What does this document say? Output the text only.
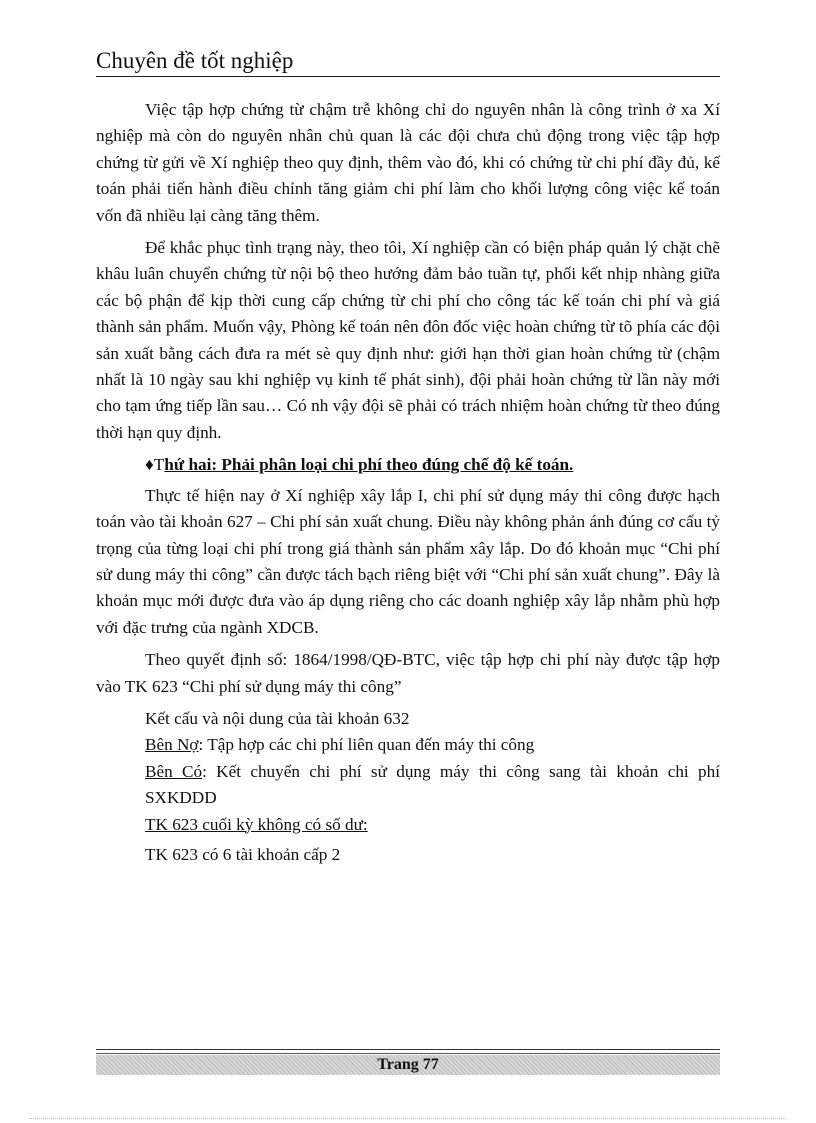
Chuyên đề tốt nghiệp

Việc tập hợp chứng từ chậm trễ không chỉ do nguyên nhân là công trình ở xa Xí nghiệp mà còn do nguyên nhân chủ quan là các đội chưa chủ động trong việc tập hợp chứng từ gửi về Xí nghiệp theo quy định, thêm vào đó, khi có chứng từ chi phí đầy đủ, kế toán phải tiến hành điều chỉnh tăng giảm chi phí làm cho khối lượng công việc kế toán vốn đã nhiều lại càng tăng thêm.

Để khắc phục tình trạng này, theo tôi, Xí nghiệp cần có biện pháp quản lý chặt chẽ khâu luân chuyển chứng từ nội bộ theo hướng đảm bảo tuần tự, phối kết nhịp nhàng giữa các bộ phận để kịp thời cung cấp chứng từ chi phí cho công tác kế toán chi phí và giá thành sản phẩm. Muốn vậy, Phòng kế toán nên đôn đốc việc hoàn chứng từ tõ phía các đội sản xuất bằng cách đưa ra mét sè quy định như: giới hạn thời gian hoàn chứng từ (chậm nhất là 10 ngày sau khi nghiệp vụ kinh tế phát sinh), đội phải hoàn chứng từ lần này mới cho tạm ứng tiếp lần sau… Có nh vậy đội sẽ phải có trách nhiệm hoàn chứng từ theo đúng thời hạn quy định.

♦Thứ hai: Phải phân loại chi phí theo đúng chế độ kế toán.

Thực tế hiện nay ở Xí nghiệp xây lắp I, chi phí sử dụng máy thi công được hạch toán vào tài khoản 627 – Chi phí sản xuất chung. Điều này không phản ánh đúng cơ cấu tỷ trọng của từng loại chi phí trong giá thành sản phẩm xây lắp. Do đó khoản mục “Chi phí sử dung máy thi công” cần được tách bạch riêng biệt với “Chi phí sản xuất chung”. Đây là khoản mục mới được đưa vào áp dụng riêng cho các doanh nghiệp xây lắp nhằm phù hợp với đặc trưng của ngành XDCB.

Theo quyết định số: 1864/1998/QĐ-BTC, việc tập hợp chi phí này được tập hợp vào TK 623 “Chi phí sử dụng máy thi công”

Kết cấu và nội dung của tài khoản 632

Bên Nợ: Tập hợp các chi phí liên quan đến máy thi công

Bên Có: Kết chuyển chi phí sử dụng máy thi công sang tài khoản chi phí SXKDDD

TK 623 cuối kỳ không có số dư:

TK 623 có 6 tài khoản cấp 2

Trang 77
